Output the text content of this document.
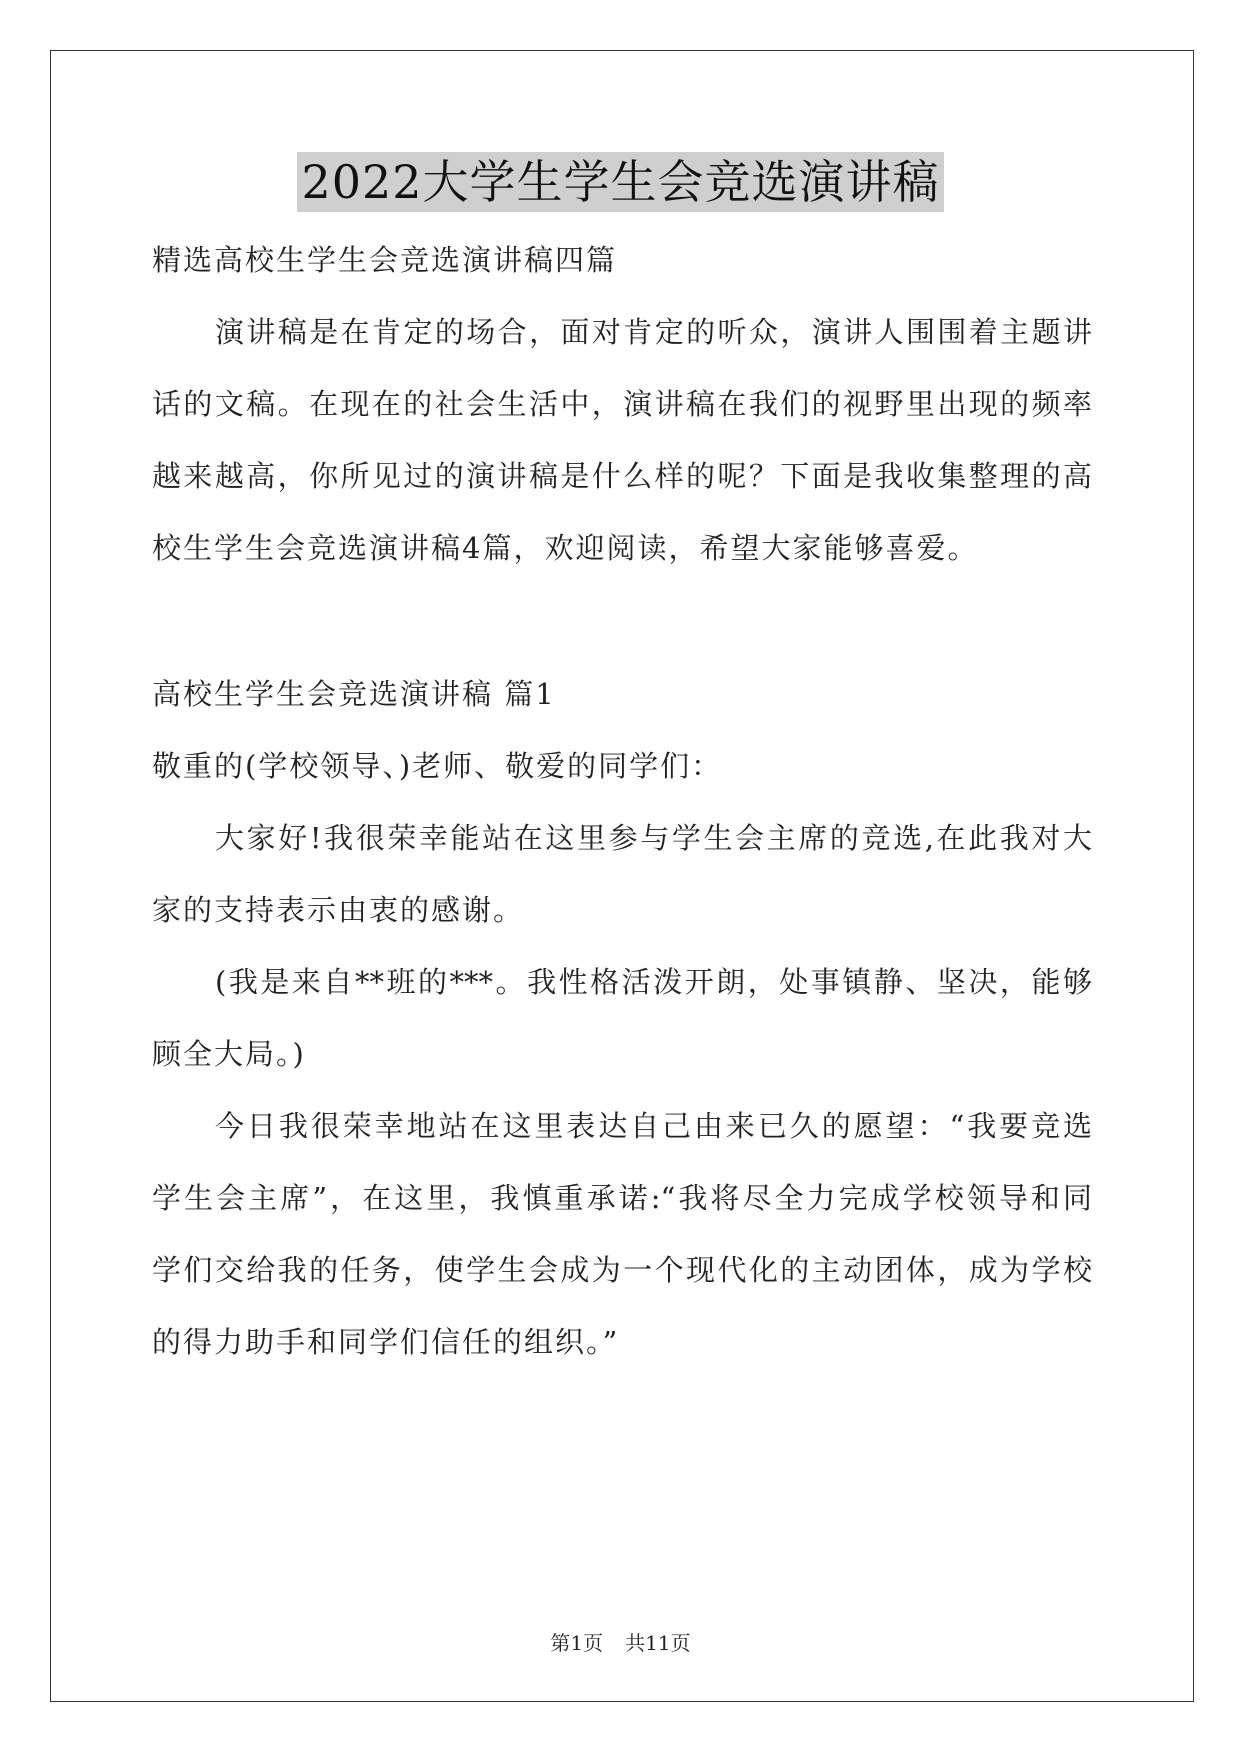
2022大学生学生会竞选演讲稿
精选高校生学生会竞选演讲稿四篇
演讲稿是在肯定的场合，面对肯定的听众，演讲人围围着主题讲
话的文稿。在现在的社会生活中，演讲稿在我们的视野里出现的频率
越来越高，你所见过的演讲稿是什么样的呢？下面是我收集整理的高
校生学生会竞选演讲稿4篇，欢迎阅读，希望大家能够喜爱。
高校生学生会竞选演讲稿 篇1
敬重的(学校领导、)老师、敬爱的同学们：
大家好!我很荣幸能站在这里参与学生会主席的竞选,在此我对大
家的支持表示由衷的感谢。
(我是来自**班的***。我性格活泼开朗，处事镇静、坚决，能够
顾全大局。)
今日我很荣幸地站在这里表达自己由来已久的愿望：“我要竞选
学生会主席”，在这里，我慎重承诺:“我将尽全力完成学校领导和同
学们交给我的任务，使学生会成为一个现代化的主动团体，成为学校
的得力助手和同学们信任的组织。”
第1页 共11页
